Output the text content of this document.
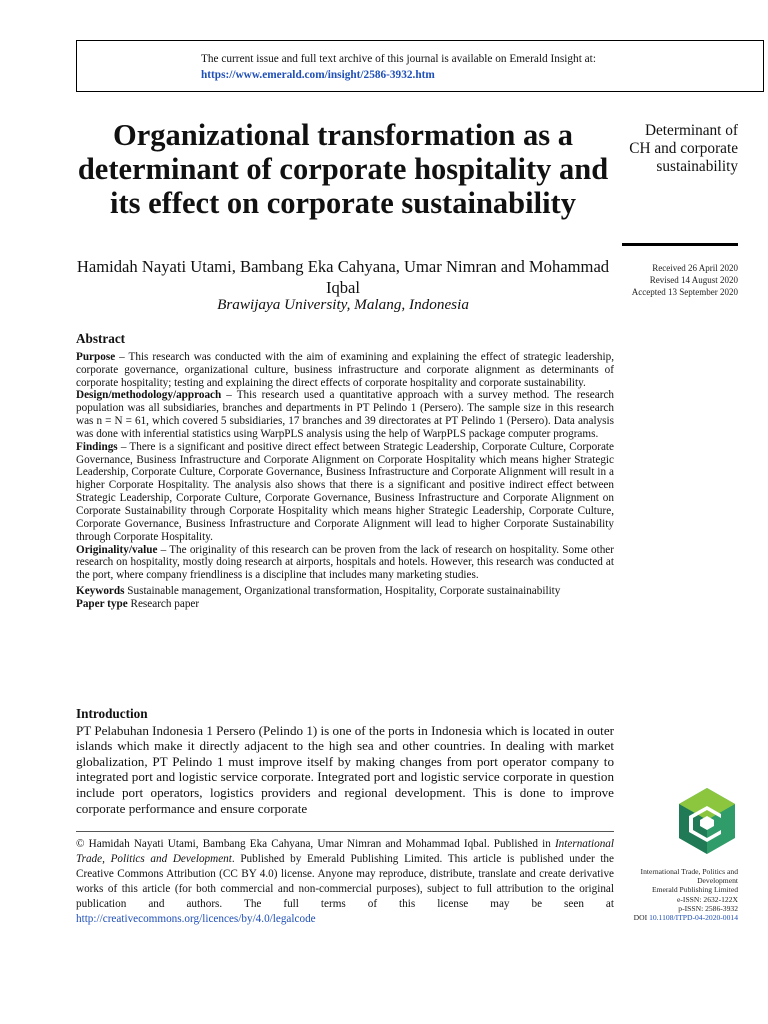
The current issue and full text archive of this journal is available on Emerald Insight at:
https://www.emerald.com/insight/2586-3932.htm
Organizational transformation as a determinant of corporate hospitality and its effect on corporate sustainability
Hamidah Nayati Utami, Bambang Eka Cahyana, Umar Nimran and Mohammad Iqbal
Brawijaya University, Malang, Indonesia
Determinant of CH and corporate sustainability
Received 26 April 2020
Revised 14 August 2020
Accepted 13 September 2020
Abstract

Purpose – This research was conducted with the aim of examining and explaining the effect of strategic leadership, corporate governance, organizational culture, business infrastructure and corporate alignment as determinants of corporate hospitality; testing and explaining the direct effects of corporate hospitality and corporate sustainability.

Design/methodology/approach – This research used a quantitative approach with a survey method. The research population was all subsidiaries, branches and departments in PT Pelindo 1 (Persero). The sample size in this research was n = N = 61, which covered 5 subsidiaries, 17 branches and 39 directorates at PT Pelindo 1 (Persero). Data analysis was done with inferential statistics using WarpPLS analysis using the help of WarpPLS package computer programs.

Findings – There is a significant and positive direct effect between Strategic Leadership, Corporate Culture, Corporate Governance, Business Infrastructure and Corporate Alignment on Corporate Hospitality which means higher Strategic Leadership, Corporate Culture, Corporate Governance, Business Infrastructure and Corporate Alignment will result in a higher Corporate Hospitality. The analysis also shows that there is a significant and positive indirect effect between Strategic Leadership, Corporate Culture, Corporate Governance, Business Infrastructure and Corporate Alignment on Corporate Sustainability through Corporate Hospitality which means higher Strategic Leadership, Corporate Culture, Corporate Governance, Business Infrastructure and Corporate Alignment will lead to higher Corporate Sustainability through Corporate Hospitality.

Originality/value – The originality of this research can be proven from the lack of research on hospitality. Some other research on hospitality, mostly doing research at airports, hospitals and hotels. However, this research was conducted at the port, where company friendliness is a discipline that includes many marketing studies.

Keywords Sustainable management, Organizational transformation, Hospitality, Corporate sustainainability

Paper type Research paper

Introduction

PT Pelabuhan Indonesia 1 Persero (Pelindo 1) is one of the ports in Indonesia which is located in outer islands which make it directly adjacent to the high sea and other countries. In dealing with market globalization, PT Pelindo 1 must improve itself by making changes from port operator company to integrated port and logistic service corporate. Integrated port and logistic service corporate in question include port operators, logistics providers and regional development. This is done to improve corporate performance and ensure corporate

© Hamidah Nayati Utami, Bambang Eka Cahyana, Umar Nimran and Mohammad Iqbal. Published in International Trade, Politics and Development. Published by Emerald Publishing Limited. This article is published under the Creative Commons Attribution (CC BY 4.0) license. Anyone may reproduce, distribute, translate and create derivative works of this article (for both commercial and non-commercial purposes), subject to full attribution to the original publication and authors. The full terms of this license may be seen at http://creativecommons.org/licences/by/4.0/legalcode
International Trade, Politics and
Development
Emerald Publishing Limited
e-ISSN: 2632-122X
p-ISSN: 2586-3932
DOI 10.1108/ITPD-04-2020-0014
